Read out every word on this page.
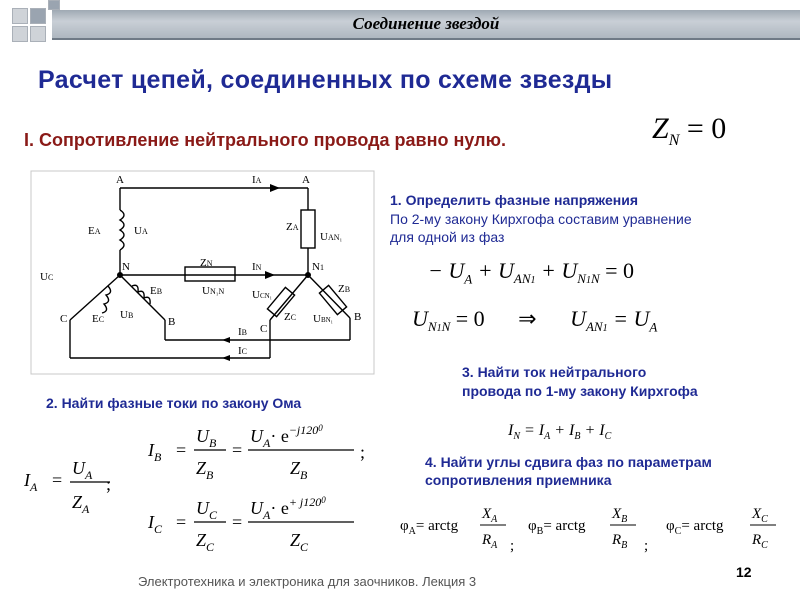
Соединение звездой
Расчет цепей, соединенных по схеме звезды
I. Сопротивление нейтрального провода равно нулю.	$Z_N = 0$
A	A
IA
EA	UA
N	ZN	IN	N1
UN₁N
ZA
UAN₁
UC
EB
EC UB
C	B
UCN₁
ZC
ZB
UBN₁
C
B
IB
IC
1. Определить фазные напряжения
По 2-му закону Кирхгофа составим уравнение
для одной из фаз
− $U_A + U_{AN1} + U_{N1N} = 0$
$U_{N1N} = 0$ ⇒ $U_{AN1} = U_A$
3. Найти ток нейтрального
провода по 1-му закону Кирхгофа
2. Найти фазные токи по закону Ома
$I_N = I_A + I_B + I_C$
4. Найти углы сдвига фаз по параметрам
сопротивления приемника
$I_A$ =
$U_A$
$Z_A$
;
$I_B$ =
$U_B$
$Z_B$
=
$U_A\cdot e^{-j120}0$
$Z_B$
;
$I_C$ =
$U_C$
$Z_C$
=
$U_A\cdot e^{+ j120}0$
$Z_C$
$\varphi_A=$ arctg
$X_A$
$R_A$ ;
$\varphi_B=$ arctg
$X_B$
$R_B$ ;
$\varphi_C=$ arctg
$X_C$
$R_C$
Электротехника и электроника для заочников. Лекция 3
12
